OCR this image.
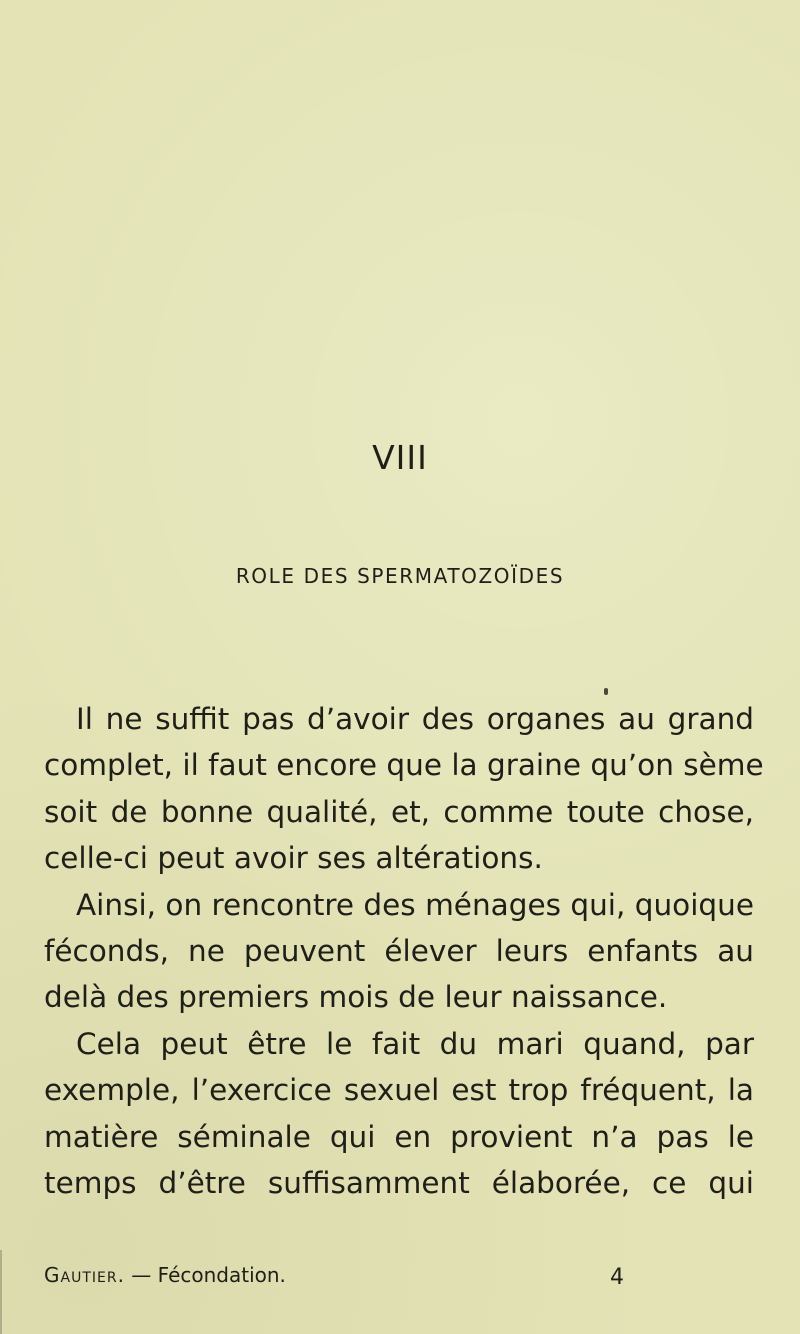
VIII
ROLE DES SPERMATOZOÏDES
Il ne suffit pas d’avoir des organes au grand
complet, il faut encore que la graine qu’on sème
soit de bonne qualité, et, comme toute chose,
celle-ci peut avoir ses altérations.
Ainsi, on rencontre des ménages qui, quoique
féconds, ne peuvent élever leurs enfants au
delà des premiers mois de leur naissance.
Cela peut être le fait du mari quand, par
exemple, l’exercice sexuel est trop fréquent, la
matière séminale qui en provient n’a pas le
temps d’être suffisamment élaborée, ce qui
Gautier. — Fécondation.	4
